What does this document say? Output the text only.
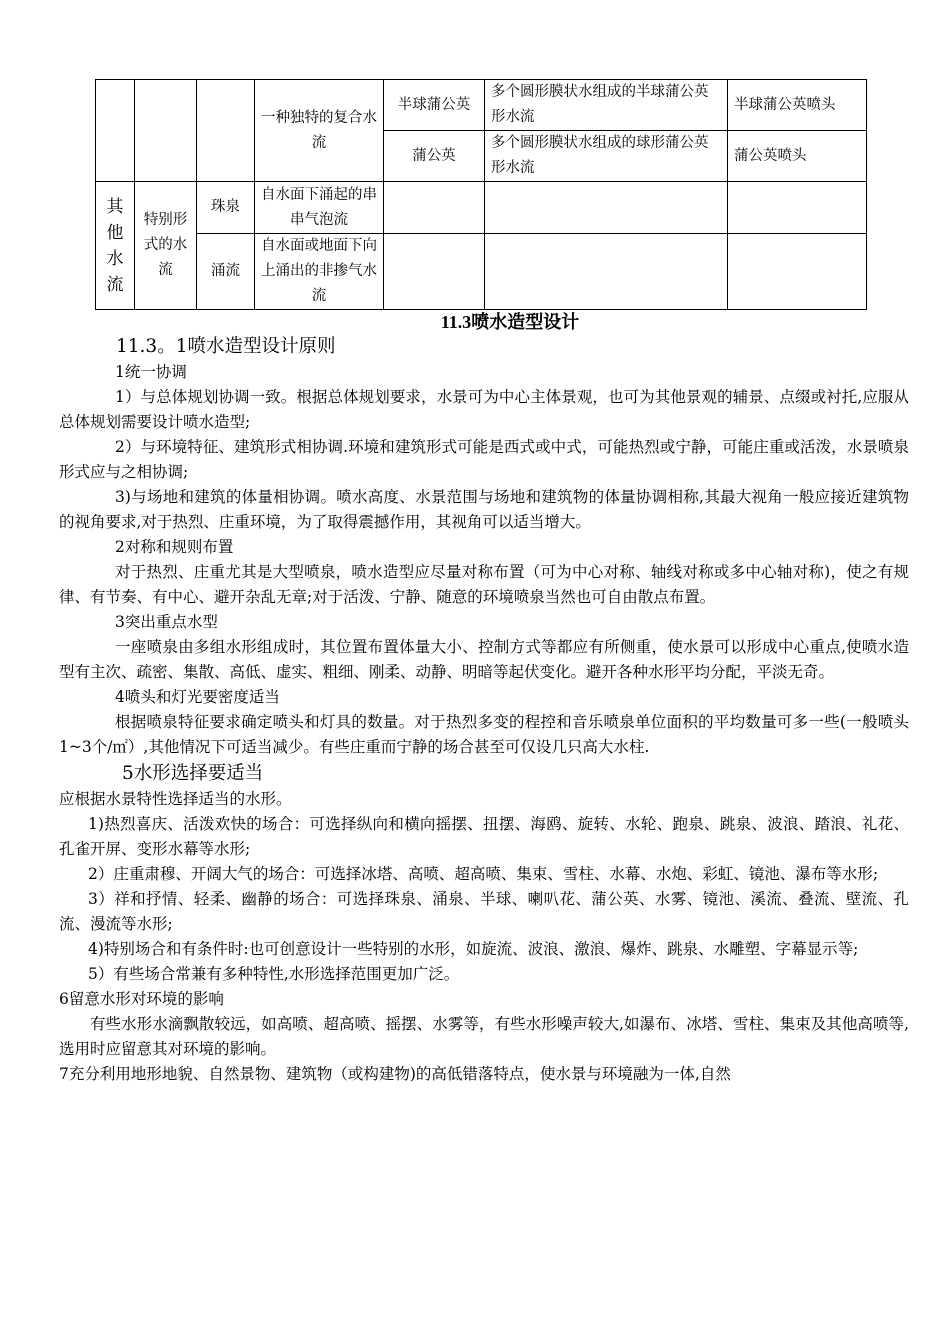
			一种独特的复合水流	半球蒲公英	多个圆形膜状水组成的半球蒲公英形水流	半球蒲公英喷头
				蒲公英	多个圆形膜状水组成的球形蒲公英形水流	蒲公英喷头
其他水流	特别形式的水流	珠泉	自水面下涌起的串串气泡流			
		涌流	自水面或地面下向上涌出的非掺气水流			
11.3喷水造型设计

11.3。1喷水造型设计原则

1统一协调

1）与总体规划协调一致。根据总体规划要求，水景可为中心主体景观，也可为其他景观的辅景、点缀或衬托,应服从总体规划需要设计喷水造型;

2）与环境特征、建筑形式相协调.环境和建筑形式可能是西式或中式，可能热烈或宁静，可能庄重或活泼，水景喷泉形式应与之相协调;

3)与场地和建筑的体量相协调。喷水高度、水景范围与场地和建筑物的体量协调相称,其最大视角一般应接近建筑物的视角要求,对于热烈、庄重环境，为了取得震撼作用，其视角可以适当增大。

2对称和规则布置

对于热烈、庄重尤其是大型喷泉，喷水造型应尽量对称布置（可为中心对称、轴线对称或多中心轴对称)，使之有规律、有节奏、有中心、避开杂乱无章;对于活泼、宁静、随意的环境喷泉当然也可自由散点布置。

3突出重点水型

一座喷泉由多组水形组成时，其位置布置体量大小、控制方式等都应有所侧重，使水景可以形成中心重点,使喷水造型有主次、疏密、集散、高低、虚实、粗细、刚柔、动静、明暗等起伏变化。避开各种水形平均分配，平淡无奇。

4喷头和灯光要密度适当

根据喷泉特征要求确定喷头和灯具的数量。对于热烈多变的程控和音乐喷泉单位面积的平均数量可多一些(一般喷头1~3个/㎡）,其他情况下可适当减少。有些庄重而宁静的场合甚至可仅设几只高大水柱.

5水形选择要适当

应根据水景特性选择适当的水形。

1)热烈喜庆、活泼欢快的场合：可选择纵向和横向摇摆、扭摆、海鸥、旋转、水轮、跑泉、跳泉、波浪、踏浪、礼花、孔雀开屏、变形水幕等水形;

2）庄重肃穆、开阔大气的场合：可选择冰塔、高喷、超高喷、集束、雪柱、水幕、水炮、彩虹、镜池、瀑布等水形;

3）祥和抒情、轻柔、幽静的场合：可选择珠泉、涌泉、半球、喇叭花、蒲公英、水雾、镜池、溪流、叠流、壁流、孔流、漫流等水形;

4)特别场合和有条件时:也可创意设计一些特别的水形，如旋流、波浪、激浪、爆炸、跳泉、水雕塑、字幕显示等;

5）有些场合常兼有多种特性,水形选择范围更加广泛。

6留意水形对环境的影响

有些水形水滴飘散较远，如高喷、超高喷、摇摆、水雾等，有些水形噪声较大,如瀑布、冰塔、雪柱、集束及其他高喷等,选用时应留意其对环境的影响。

7充分利用地形地貌、自然景物、建筑物（或构建物)的高低错落特点，使水景与环境融为一体,自然
